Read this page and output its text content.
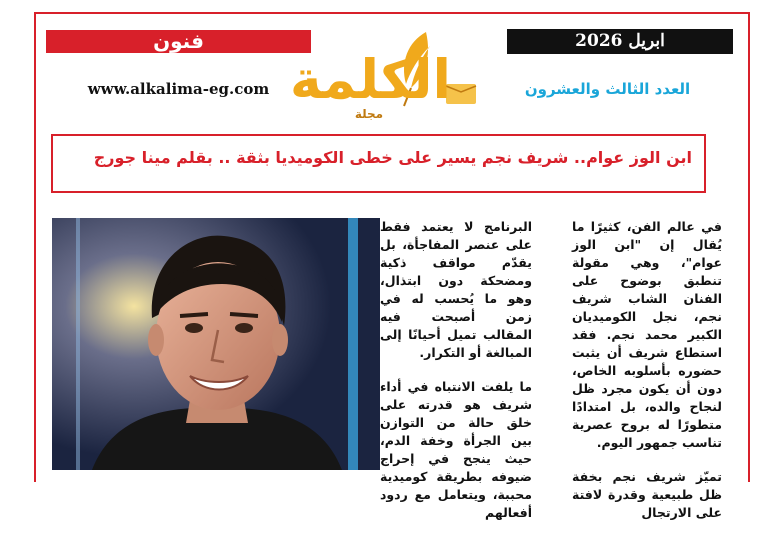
فنون	ابريل 2026
www.alkalima-eg.com	العدد الثالث والعشرون
الكلمة
مجلة
ابن الوز عوام.. شريف نجم يسير على خطى الكوميديا بثقة .. بقلم مينا جورج

في عالم الفن، كثيرًا ما يُقال إن "ابن الوز عوام"، وهي مقولة تنطبق بوضوح على الفنان الشاب شريف نجم، نجل الكوميديان الكبير محمد نجم. فقد استطاع شريف أن يثبت حضوره بأسلوبه الخاص، دون أن يكون مجرد ظل لنجاح والده، بل امتدادًا متطورًا له بروح عصرية تناسب جمهور اليوم.

تميّز شريف نجم بخفة ظل طبيعية وقدرة لافتة على الارتجال

البرنامج لا يعتمد فقط على عنصر المفاجأة، بل يقدّم مواقف ذكية ومضحكة دون ابتذال، وهو ما يُحسب له في زمن أصبحت فيه المقالب تميل أحيانًا إلى المبالغة أو التكرار.

ما يلفت الانتباه في أداء شريف هو قدرته على خلق حالة من التوازن بين الجرأة وخفة الدم، حيث ينجح في إحراج ضيوفه بطريقة كوميدية محببة، ويتعامل مع ردود أفعالهم
